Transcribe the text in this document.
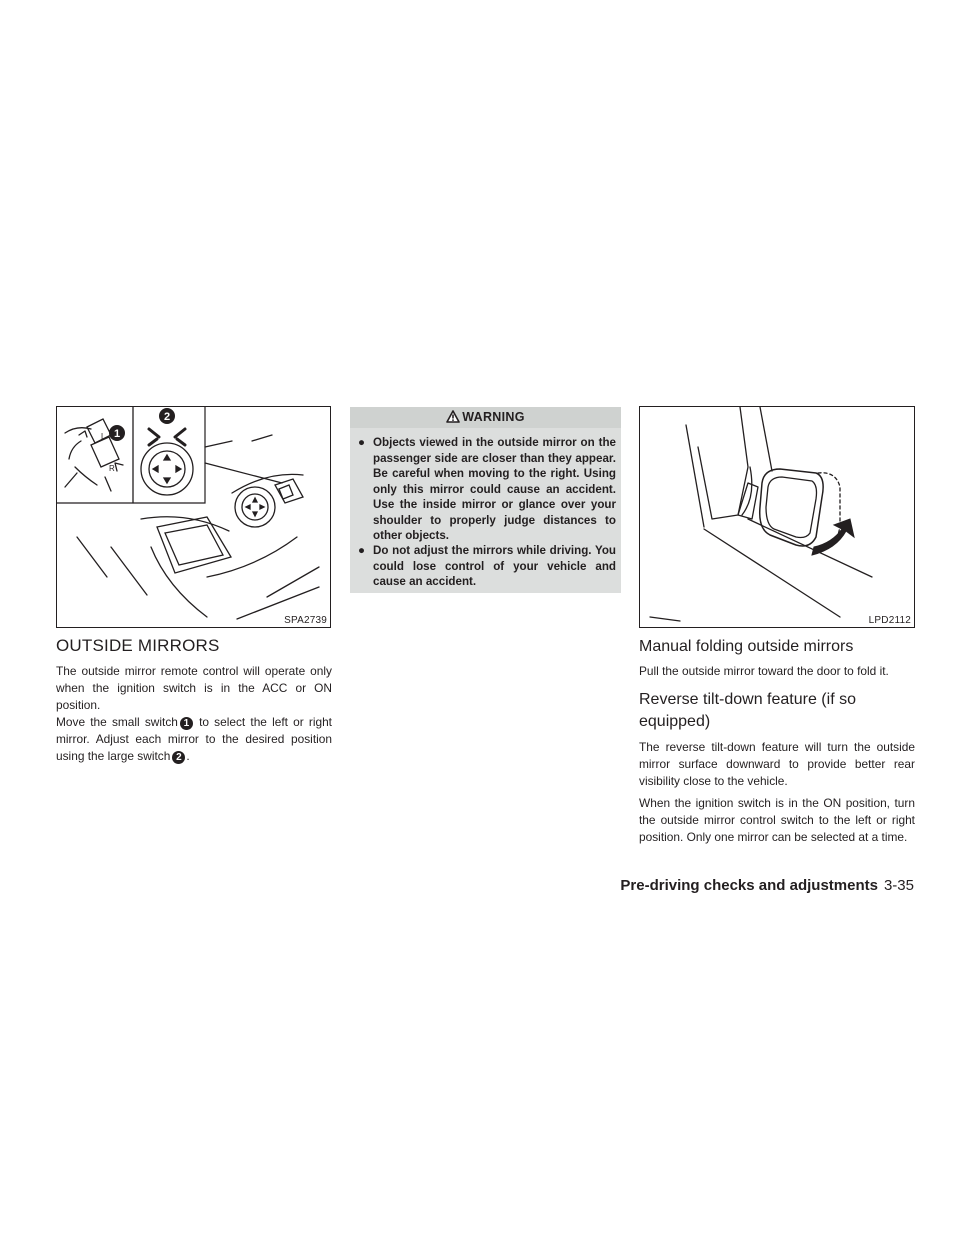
1
2
L
R
SPA2739
OUTSIDE MIRRORS

The outside mirror remote control will operate only when the ignition switch is in the ACC or ON position.

Move the small switch 1 to select the left or right mirror. Adjust each mirror to the desired position using the large switch 2 .

WARNING
● Objects viewed in the outside mirror on the passenger side are closer than they appear. Be careful when moving to the right. Using only this mirror could cause an accident. Use the inside mirror or glance over your shoulder to properly judge distances to other objects.
● Do not adjust the mirrors while driving. You could lose control of your vehicle and cause an accident.
LPD2112
Manual folding outside mirrors

Pull the outside mirror toward the door to fold it.

Reverse tilt-down feature (if so
equipped)

The reverse tilt-down feature will turn the outside mirror surface downward to provide better rear visibility close to the vehicle.

When the ignition switch is in the ON position, turn the outside mirror control switch to the left or right position. Only one mirror can be selected at a time.

Pre-driving checks and adjustments 3-35
